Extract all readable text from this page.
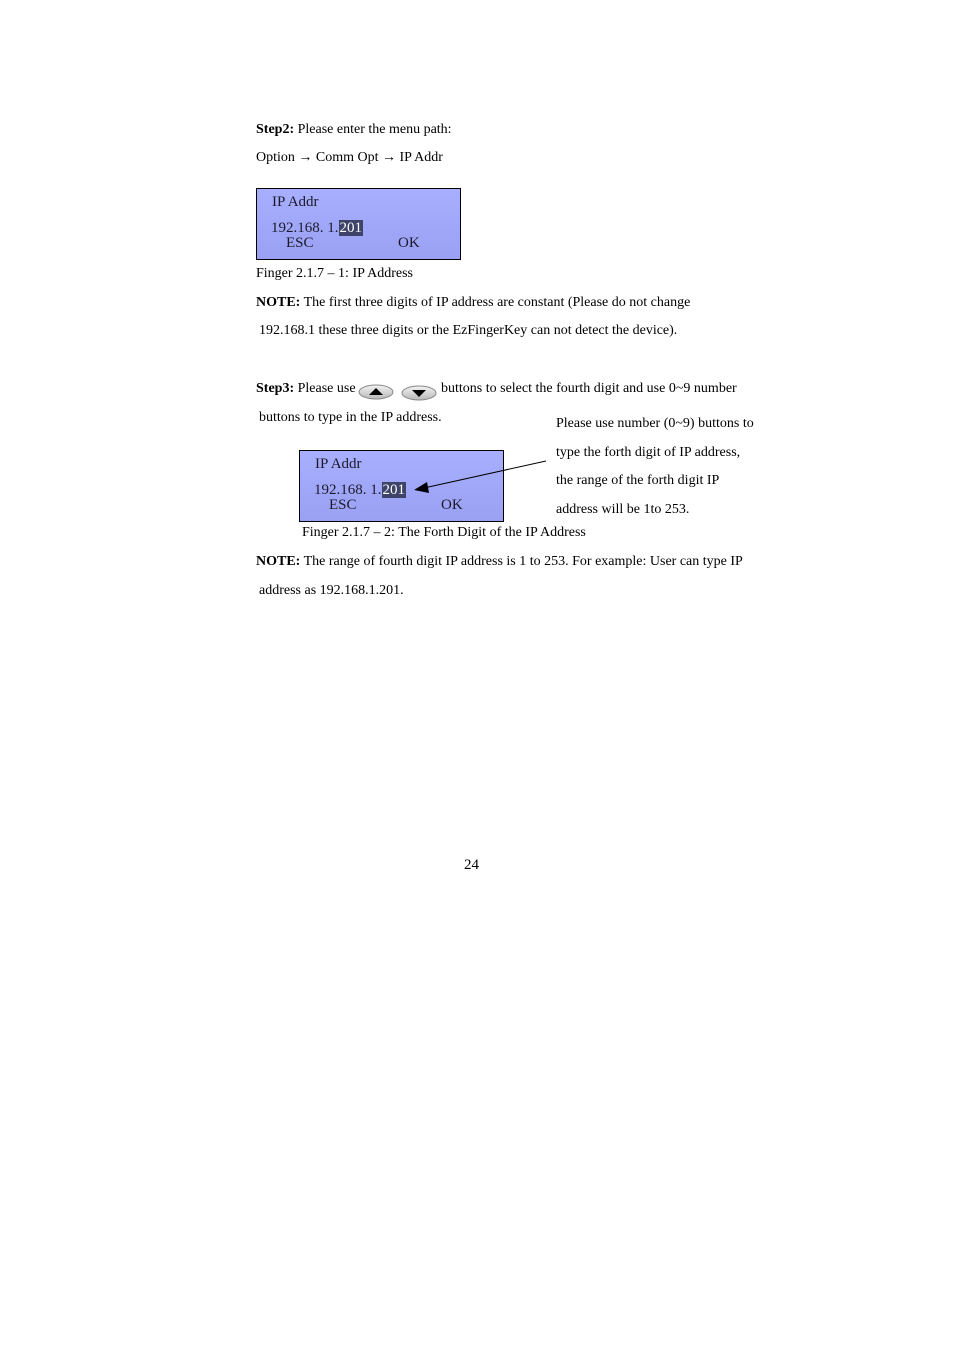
Step2: Please enter the menu path:
Option → Comm Opt → IP Addr
IP Addr
192.168. 1.201
ESC	OK
Finger 2.1.7 – 1: IP Address
NOTE: The first three digits of IP address are constant (Please do not change
192.168.1 these three digits or the EzFingerKey can not detect the device).
Step3: Please use	buttons to select the fourth digit and use 0~9 number
buttons to type in the IP address.	Please use number (0~9) buttons to
type the forth digit of IP address,
the range of the forth digit IP
address will be 1to 253.
IP Addr
192.168. 1.201
ESC	OK
Finger 2.1.7 – 2: The Forth Digit of the IP Address
NOTE: The range of fourth digit IP address is 1 to 253. For example: User can type IP
address as 192.168.1.201.
24
